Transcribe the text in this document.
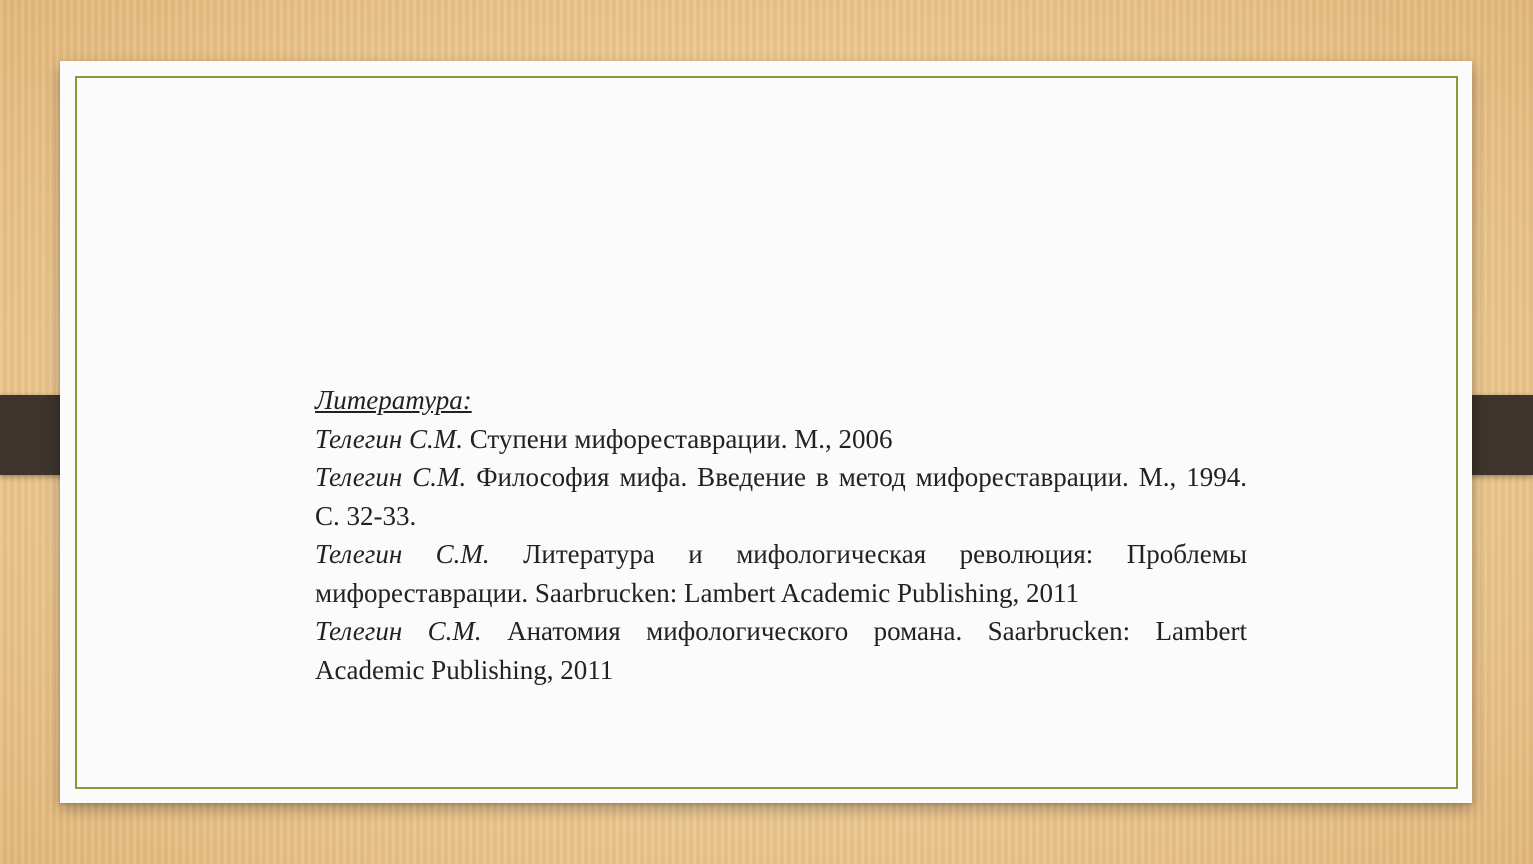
Литература:

Телегин С.М. Ступени мифореставрации. М., 2006

Телегин С.М. Философия мифа. Введение в метод мифореставрации. М., 1994. С. 32-33.

Телегин С.М. Литература и мифологическая революция: Проблемы мифореставрации. Saarbrucken: Lambert Academic Publishing, 2011

Телегин С.М. Анатомия мифологического романа. Saarbrucken: Lambert Academic Publishing, 2011
